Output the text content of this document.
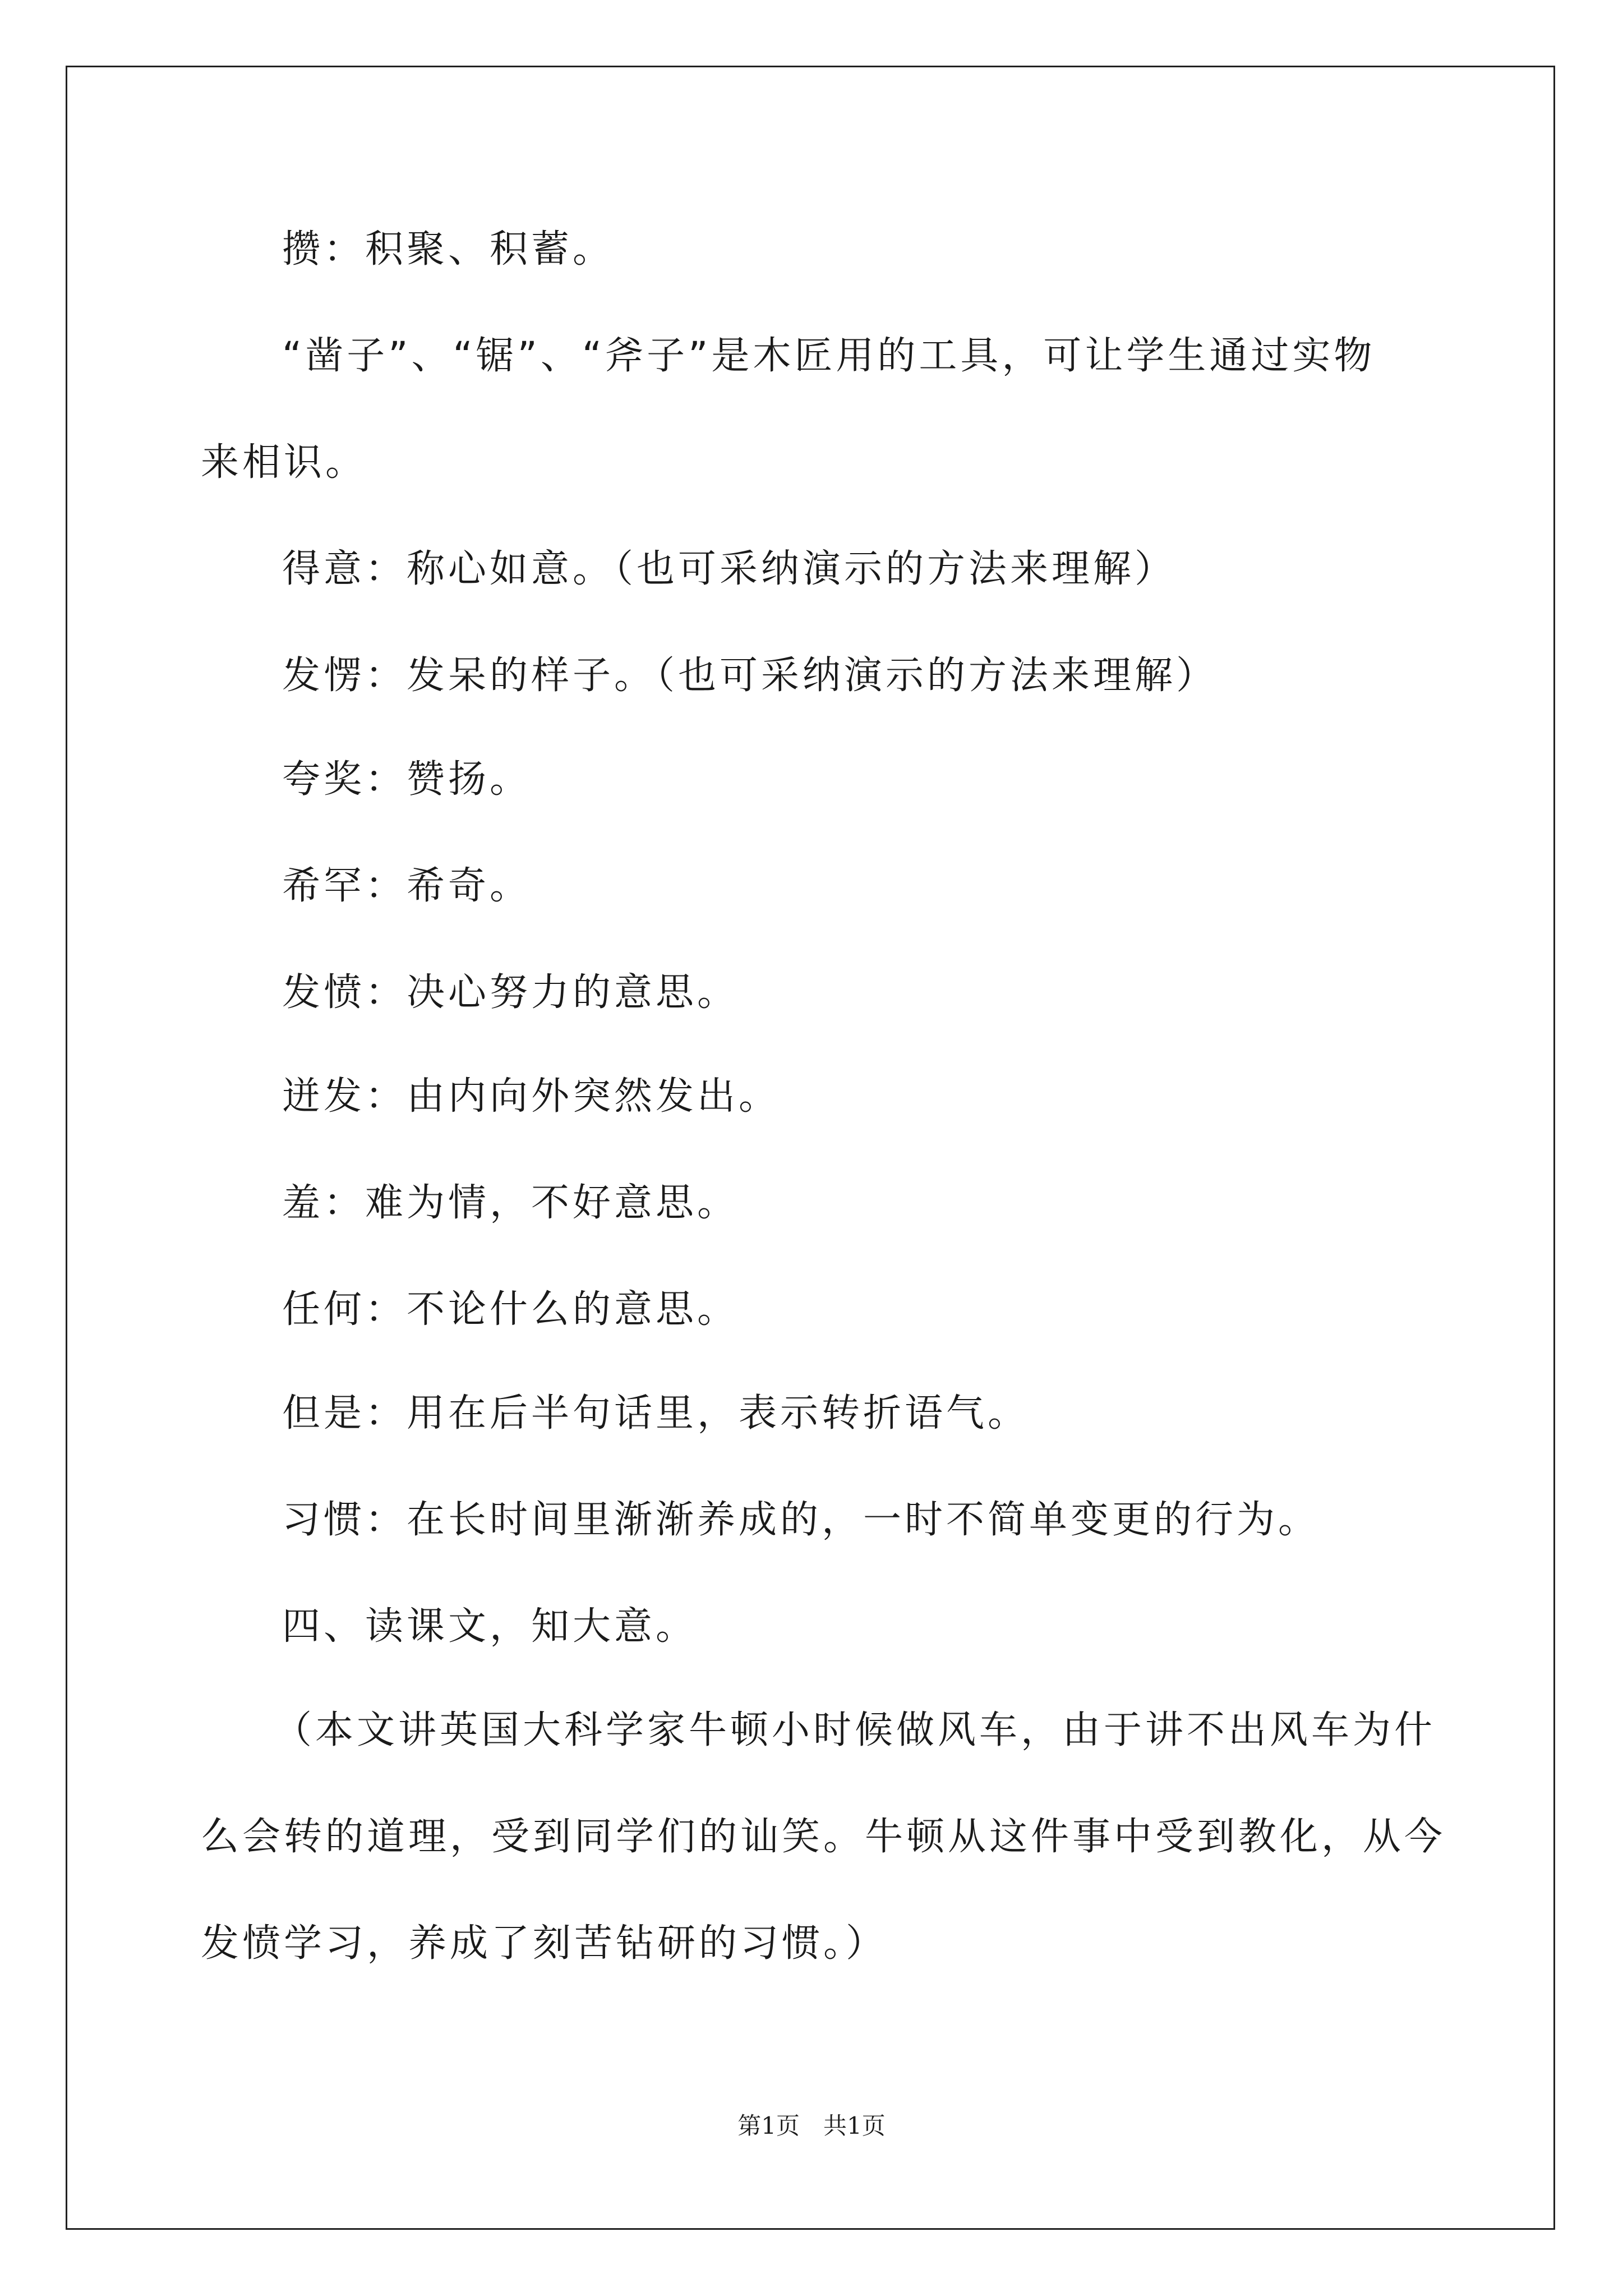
攒：积聚、积蓄。
“凿子”、“锯”、“斧子”是木匠用的工具，可让学生通过实物
来相识。
得意：称心如意。（也可采纳演示的方法来理解）
发愣：发呆的样子。（也可采纳演示的方法来理解）
夸奖：赞扬。
希罕：希奇。
发愤：决心努力的意思。
迸发：由内向外突然发出。
羞：难为情，不好意思。
任何：不论什么的意思。
但是：用在后半句话里，表示转折语气。
习惯：在长时间里渐渐养成的，一时不简单变更的行为。
四、读课文，知大意。
（本文讲英国大科学家牛顿小时候做风车，由于讲不出风车为什
么会转的道理，受到同学们的讪笑。牛顿从这件事中受到教化，从今
发愤学习，养成了刻苦钻研的习惯。）
第1页　共1页
